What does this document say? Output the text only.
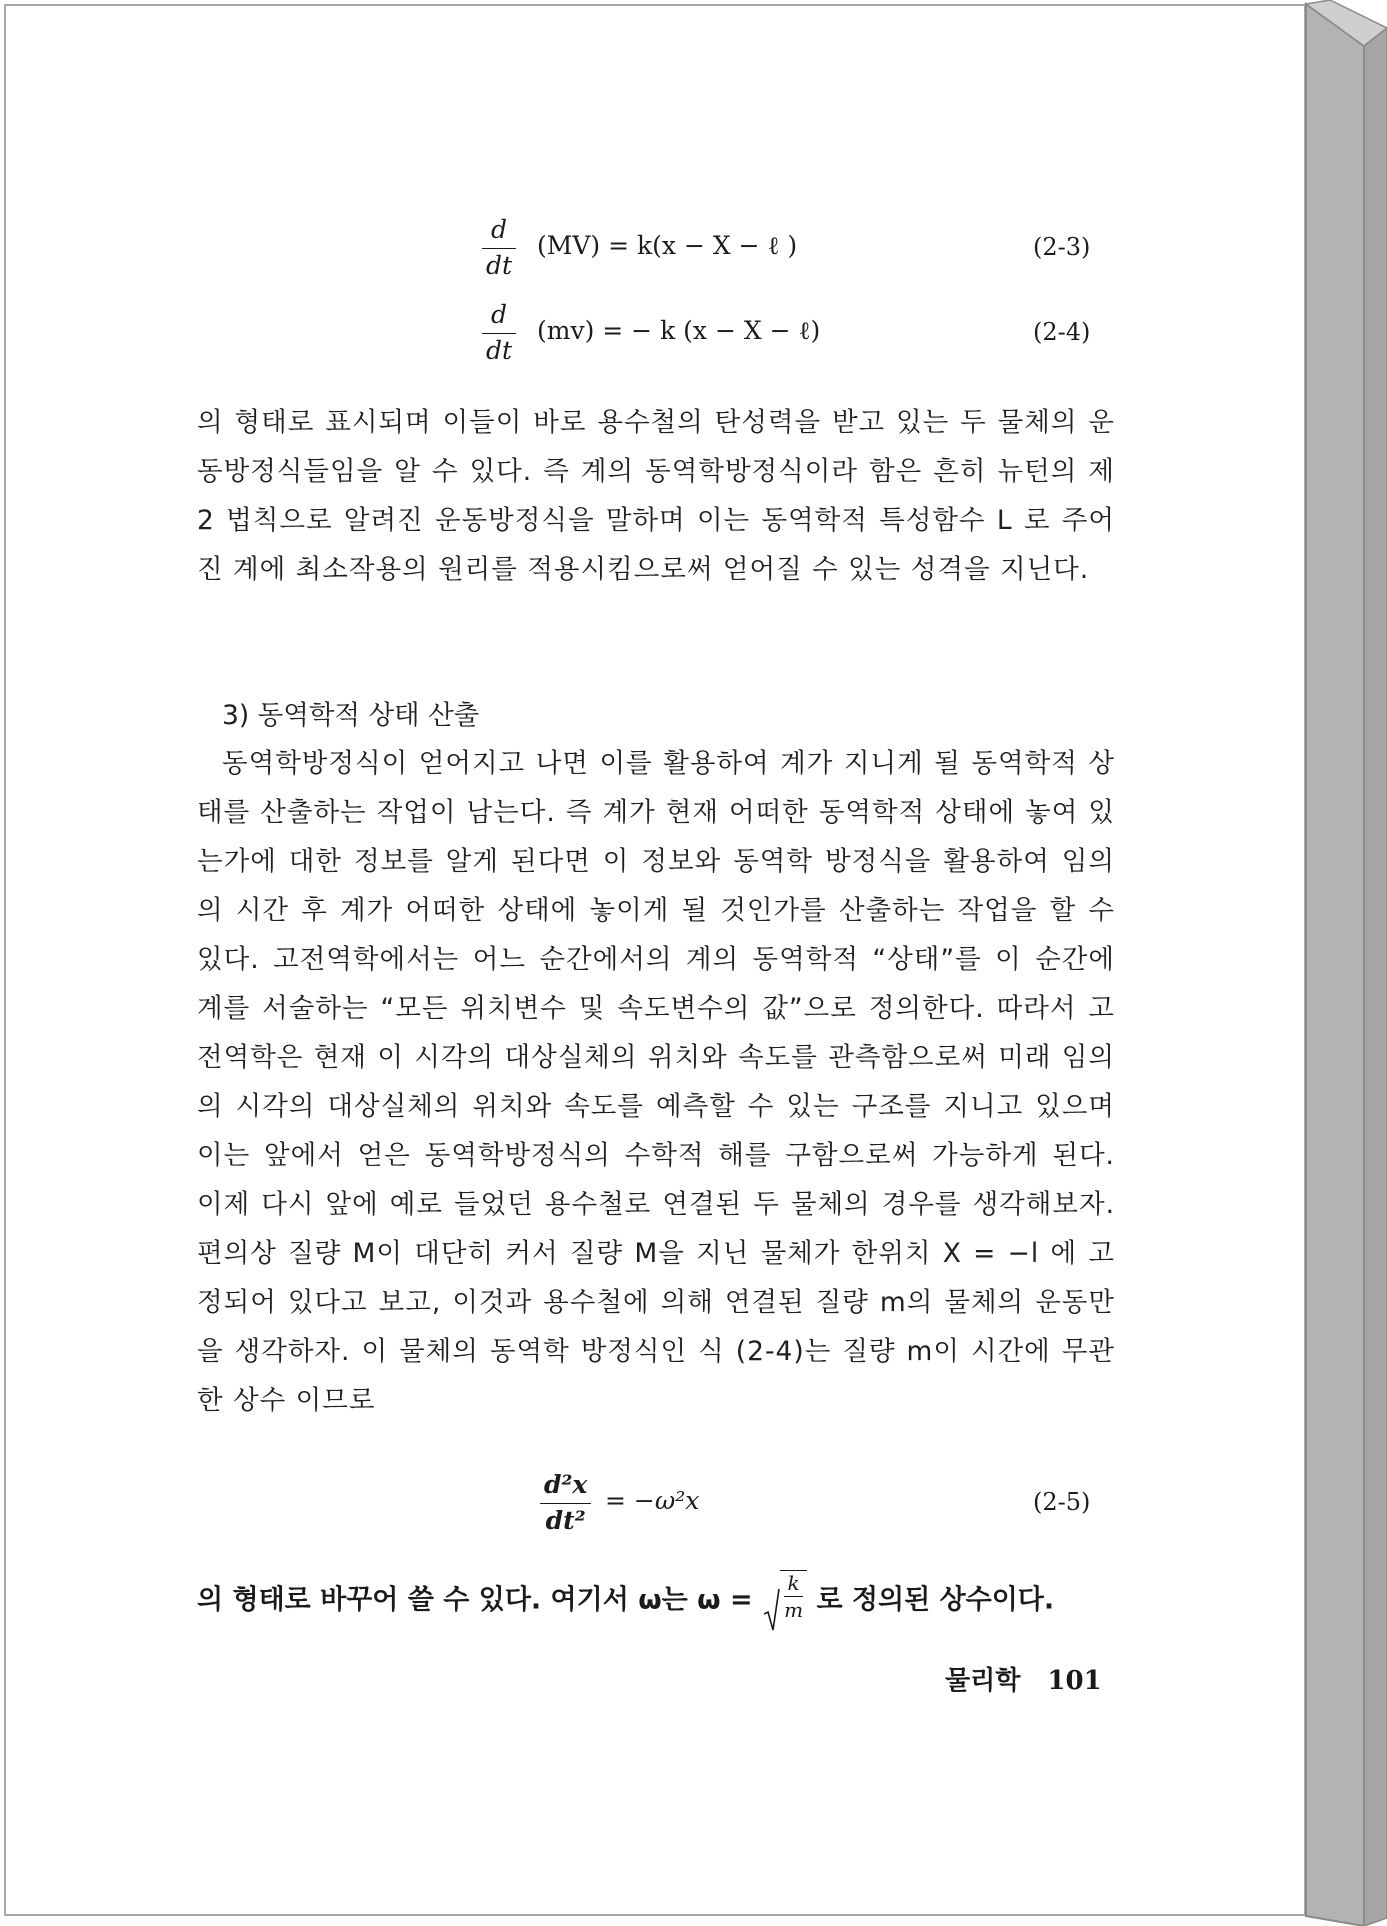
$\frac{d}{dt} (MV) = k(x - X$ − ℓ )	(2-3)
$\frac{d}{dt} (mv)$ = − k (x − X − ℓ)	(2-4)

의 형태로 표시되며 이들이 바로 용수철의 탄성력을 받고 있는 두 물체의 운동방정식들임을 알 수 있다. 즉 계의 동역학방정식이라 함은 흔히 뉴턴의 제 2 법칙으로 알려진 운동방정식을 말하며 이는 동역학적 특성함수 L 로 주어진 계에 최소작용의 원리를 적용시킴으로써 얻어질 수 있는 성격을 지닌다.

3) 동역학적 상태 산출

동역학방정식이 얻어지고 나면 이를 활용하여 계가 지니게 될 동역학적 상태를 산출하는 작업이 남는다. 즉 계가 현재 어떠한 동역학적 상태에 놓여 있는가에 대한 정보를 알게 된다면 이 정보와 동역학 방정식을 활용하여 임의의 시간 후 계가 어떠한 상태에 놓이게 될 것인가를 산출하는 작업을 할 수 있다. 고전역학에서는 어느 순간에서의 계의 동역학적 “상태”를 이 순간에 계를 서술하는 “모든 위치변수 및 속도변수의 값”으로 정의한다. 따라서 고전역학은 현재 이 시각의 대상실체의 위치와 속도를 관측함으로써 미래 임의의 시각의 대상실체의 위치와 속도를 예측할 수 있는 구조를 지니고 있으며 이는 앞에서 얻은 동역학방정식의 수학적 해를 구함으로써 가능하게 된다. 이제 다시 앞에 예로 들었던 용수철로 연결된 두 물체의 경우를 생각해보자. 편의상 질량 M이 대단히 커서 질량 M을 지닌 물체가 한위치 X = −l 에 고정되어 있다고 보고, 이것과 용수철에 의해 연결된 질량 m의 물체의 운동만을 생각하자. 이 물체의 동역학 방정식인 식 (2-4)는 질량 m이 시간에 무관한 상수 이므로

$\frac{\text{d²x}}{\text{dt²}} = -\omega^2x$	(2-5)
의 형태로 바꾸어 쓸 수 있다. 여기서 ω는 $\omega = \frac{k}{m}$ 로 정의된 상수이다.
물리학 101
